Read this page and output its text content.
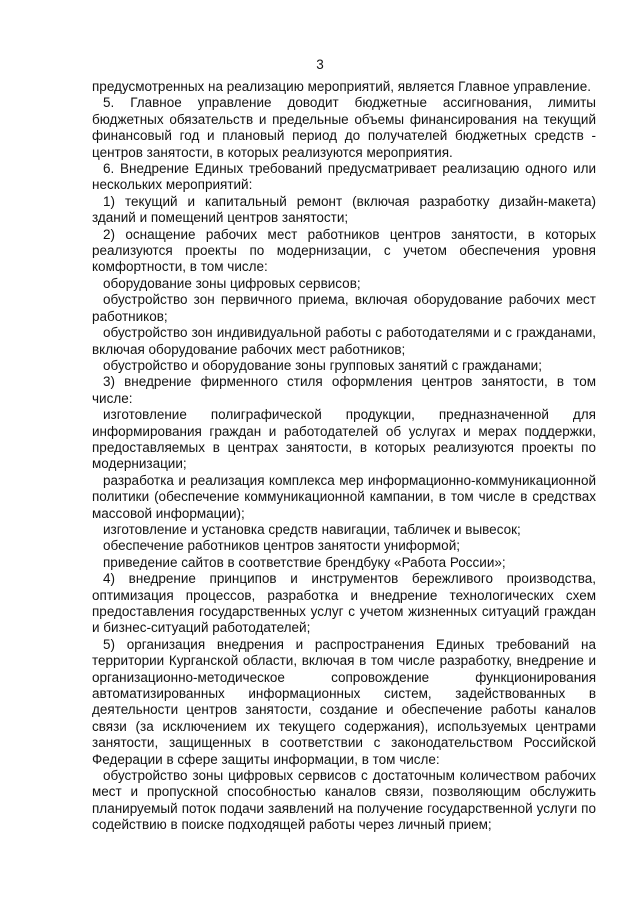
3

предусмотренных на реализацию мероприятий, является Главное управление.

5. Главное управление доводит бюджетные ассигнования, лимиты бюджетных обязательств и предельные объемы финансирования на текущий финансовый год и плановый период до получателей бюджетных средств - центров занятости, в которых реализуются мероприятия.

6. Внедрение Единых требований предусматривает реализацию одного или нескольких мероприятий:

1) текущий и капитальный ремонт (включая разработку дизайн-макета) зданий и помещений центров занятости;

2) оснащение рабочих мест работников центров занятости, в которых реализуются проекты по модернизации, с учетом обеспечения уровня комфортности, в том числе:

оборудование зоны цифровых сервисов;

обустройство зон первичного приема, включая оборудование рабочих мест работников;

обустройство зон индивидуальной работы с работодателями и с гражданами, включая оборудование рабочих мест работников;

обустройство и оборудование зоны групповых занятий с гражданами;

3) внедрение фирменного стиля оформления центров занятости, в том числе:

изготовление полиграфической продукции, предназначенной для информирования граждан и работодателей об услугах и мерах поддержки, предоставляемых в центрах занятости, в которых реализуются проекты по модернизации;

разработка и реализация комплекса мер информационно-коммуникационной политики (обеспечение коммуникационной кампании, в том числе в средствах массовой информации);

изготовление и установка средств навигации, табличек и вывесок;

обеспечение работников центров занятости униформой;

приведение сайтов в соответствие брендбуку «Работа России»;

4) внедрение принципов и инструментов бережливого производства, оптимизация процессов, разработка и внедрение технологических схем предоставления государственных услуг с учетом жизненных ситуаций граждан и бизнес-ситуаций работодателей;

5) организация внедрения и распространения Единых требований на территории Курганской области, включая в том числе разработку, внедрение и организационно-методическое сопровождение функционирования автоматизированных информационных систем, задействованных в деятельности центров занятости, создание и обеспечение работы каналов связи (за исключением их текущего содержания), используемых центрами занятости, защищенных в соответствии с законодательством Российской Федерации в сфере защиты информации, в том числе:

обустройство зоны цифровых сервисов с достаточным количеством рабочих мест и пропускной способностью каналов связи, позволяющим обслужить планируемый поток подачи заявлений на получение государственной услуги по содействию в поиске подходящей работы через личный прием;
